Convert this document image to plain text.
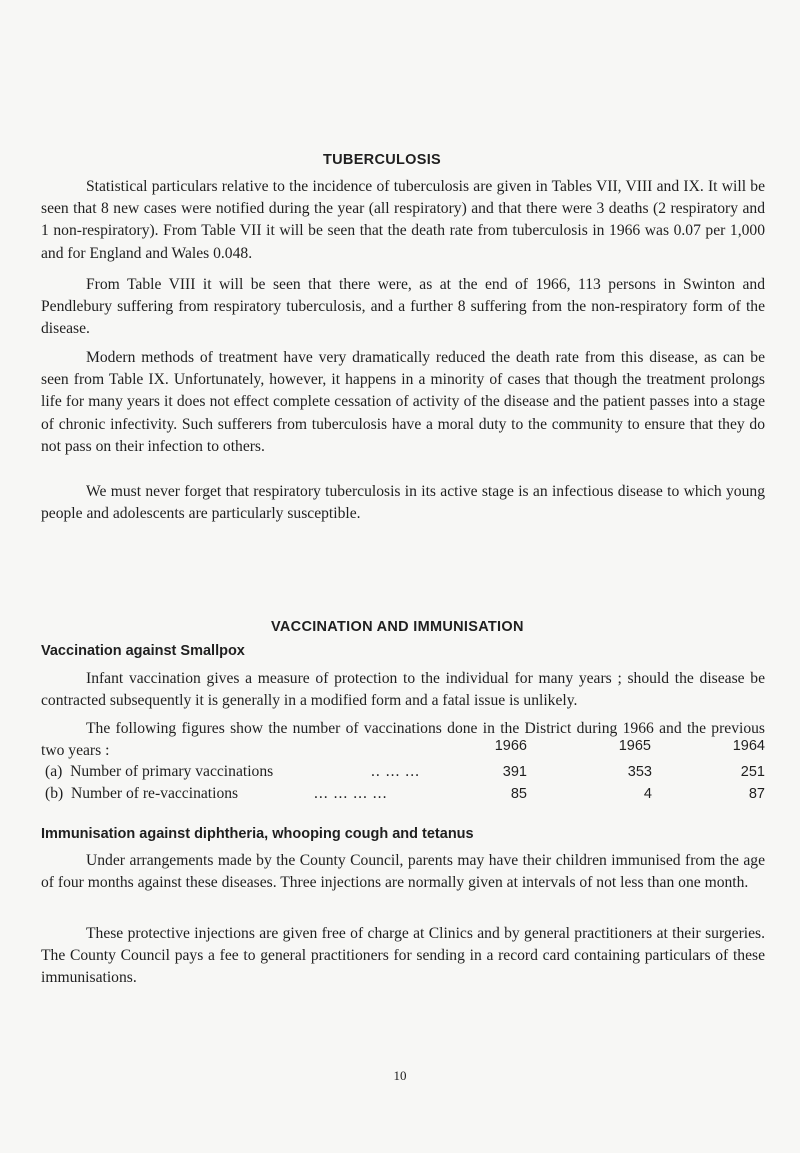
TUBERCULOSIS

Statistical particulars relative to the incidence of tuberculosis are given in Tables VII, VIII and IX. It will be seen that 8 new cases were notified during the year (all respiratory) and that there were 3 deaths (2 respiratory and 1 non-respiratory). From Table VII it will be seen that the death rate from tuberculosis in 1966 was 0.07 per 1,000 and for England and Wales 0.048.

From Table VIII it will be seen that there were, as at the end of 1966, 113 persons in Swinton and Pendlebury suffering from respiratory tuberculosis, and a further 8 suffering from the non-respiratory form of the disease.

Modern methods of treatment have very dramatically reduced the death rate from this disease, as can be seen from Table IX. Unfortunately, however, it happens in a minority of cases that though the treatment prolongs life for many years it does not effect complete cessation of activity of the disease and the patient passes into a stage of chronic infectivity. Such sufferers from tuberculosis have a moral duty to the community to ensure that they do not pass on their infection to others.

We must never forget that respiratory tuberculosis in its active stage is an infectious disease to which young people and adolescents are particularly susceptible.

VACCINATION AND IMMUNISATION
Vaccination against Smallpox

Infant vaccination gives a measure of protection to the individual for many years ; should the disease be contracted subsequently it is generally in a modified form and a fatal issue is unlikely.

The following figures show the number of vaccinations done in the District during 1966 and the previous two years :	1966	1965	1964
(a)  Number of primary vaccinations	.. ... ...	391	353	251
(b)  Number of re-vaccinations	... ... ... ...	85	4	87
Immunisation against diphtheria, whooping cough and tetanus

Under arrangements made by the County Council, parents may have their children immunised from the age of four months against these diseases. Three injections are normally given at intervals of not less than one month.

These protective injections are given free of charge at Clinics and by general practitioners at their surgeries. The County Council pays a fee to general practitioners for sending in a record card containing particulars of these immunisations.

10
